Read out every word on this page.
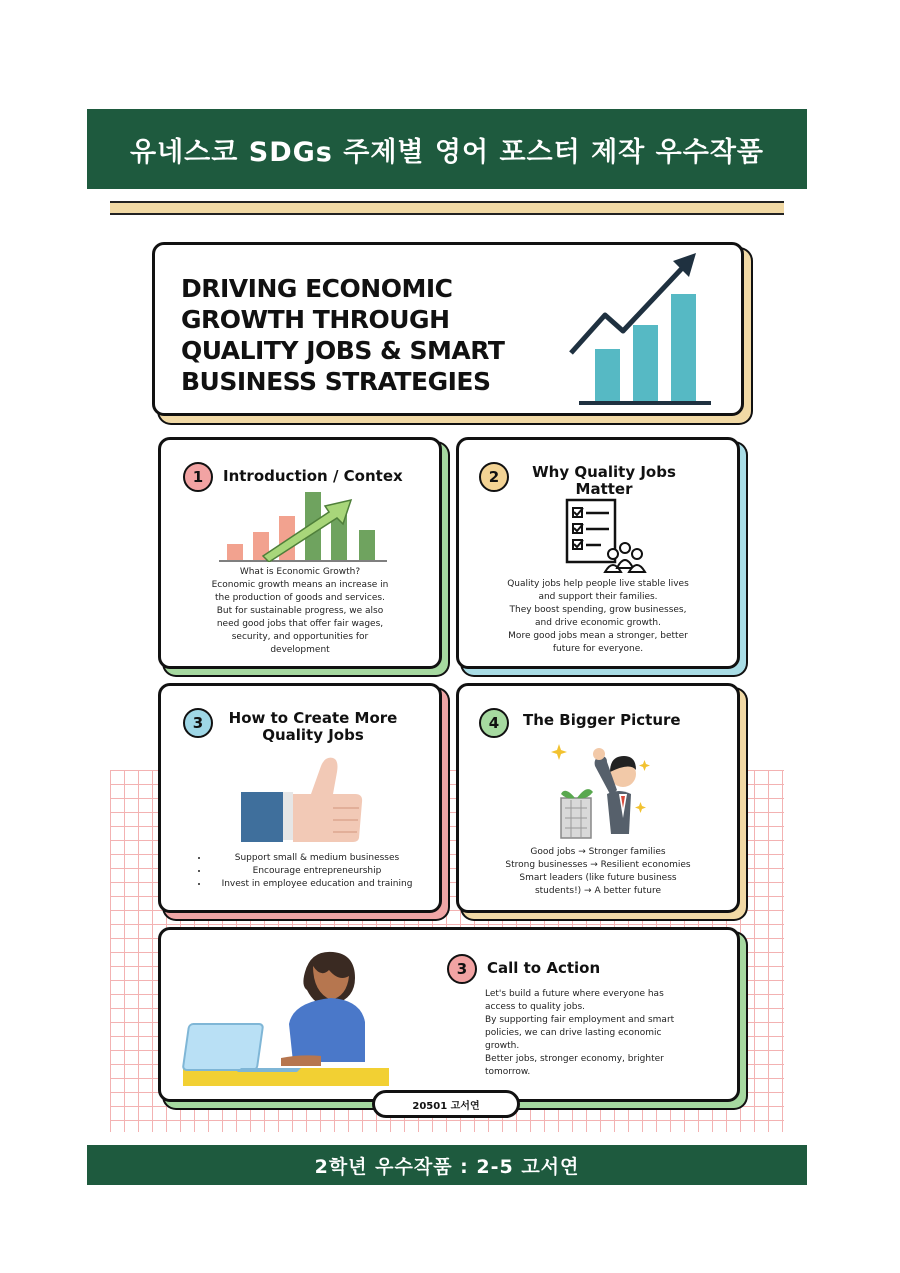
유네스코 SDGs 주제별 영어 포스터 제작 우수작품
DRIVING ECONOMIC
GROWTH THROUGH
QUALITY JOBS & SMART
BUSINESS STRATEGIES
1	Introduction / Contex
What is Economic Growth?
Economic growth means an increase in
the production of goods and services.
But for sustainable progress, we also
need good jobs that offer fair wages,
security, and opportunities for
development
2	Why Quality Jobs
Matter
Quality jobs help people live stable lives
and support their families.
They boost spending, grow businesses,
and drive economic growth.
More good jobs mean a stronger, better
future for everyone.
3	How to Create More
Quality Jobs
• Support small & medium businesses
• Encourage entrepreneurship
• Invest in employee education and training
4	The Bigger Picture
Good jobs → Stronger families
Strong businesses → Resilient economies
Smart leaders (like future business
students!) → A better future
3	Call to Action
Let's build a future where everyone has
access to quality jobs.
By supporting fair employment and smart
policies, we can drive lasting economic
growth.
Better jobs, stronger economy, brighter
tomorrow.
20501 고서연
2학년 우수작품 : 2-5 고서연
